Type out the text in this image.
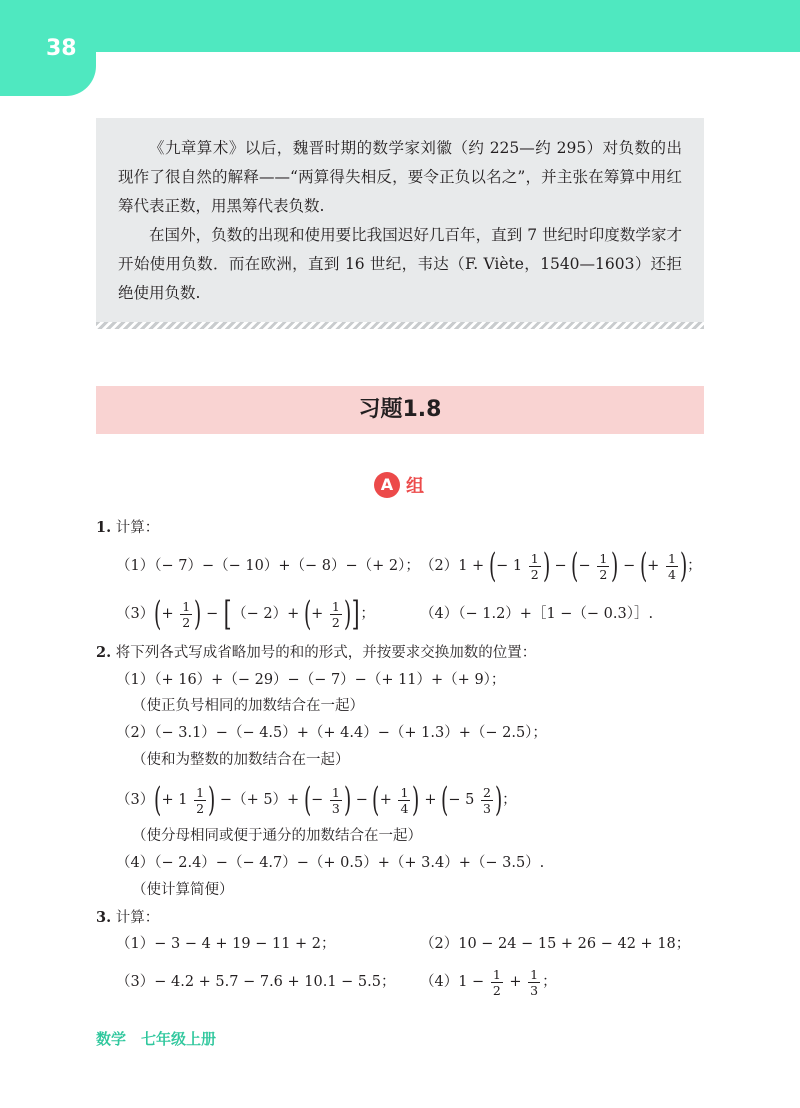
38

《九章算术》以后，魏晋时期的数学家刘徽（约 225—约 295）对负数的出现作了很自然的解释——“两算得失相反，要令正负以名之”，并主张在筹算中用红筹代表正数，用黑筹代表负数.

在国外，负数的出现和使用要比我国迟好几百年，直到 7 世纪时印度数学家才开始使用负数．而在欧洲，直到 16 世纪，韦达（F. Viète，1540—1603）还拒绝使用负数.

习题1.8
A 组
1. 计算：
（1）（− 7）−（− 10）+（− 8）−（+ 2）； （2）1 + (− $1 \frac{1}{2}$ ) − (− $\frac{1}{2}$ ) − (+ $\frac{1}{4}$ )；
$(3)(+ \frac{1}{2}$ ) − [（− 2）+ (+ $\frac{1}{2}$ )]；	（4）（− 1.2）+［1 −（− 0.3）］.
2. 将下列各式写成省略加号的和的形式，并按要求交换加数的位置：
（1）（+ 16）+（− 29）−（− 7）−（+ 11）+（+ 9）；
（使正负号相同的加数结合在一起）
（2）（− 3.1）−（− 4.5）+（+ 4.4）−（+ 1.3）+（− 2.5）；
（使和为整数的加数结合在一起）
$(3)(+ 1 \frac{1}{2}$ ) −（+ 5）+ (− $\frac{1}{3}$ ) − (+ $\frac{1}{4}$ ) + (− $5 \frac{2}{3}$ )；
（使分母相同或便于通分的加数结合在一起）
（4）（− 2.4）−（− 4.7）−（+ 0.5）+（+ 3.4）+（− 3.5）.
（使计算简便）
3. 计算：
（1）− 3 − 4 + 19 − 11 + 2；	（2）10 − 24 − 15 + 26 − 42 + 18；
（3）− 4.2 + 5.7 − 7.6 + 10.1 − 5.5； $(4)1 - \frac{1}{2} + \frac{1}{3}$ ；
数学　七年级上册
